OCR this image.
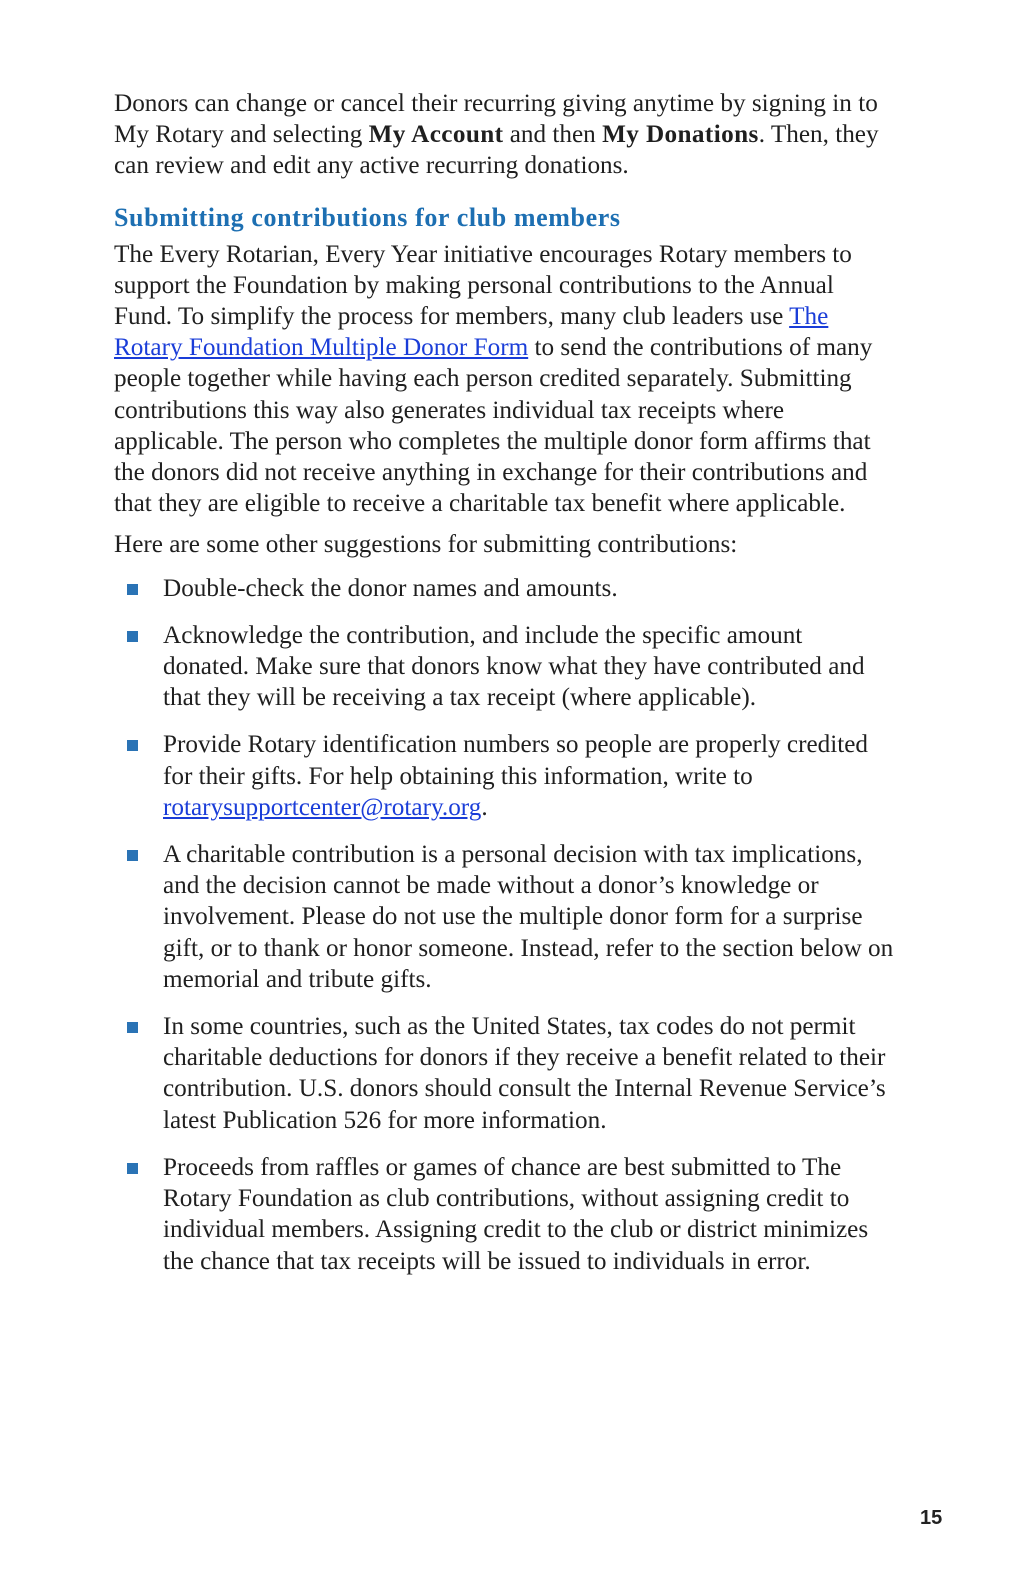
Donors can change or cancel their recurring giving anytime by signing in to My Rotary and selecting My Account and then My Donations. Then, they can review and edit any active recurring donations.

Submitting contributions for club members

The Every Rotarian, Every Year initiative encourages Rotary members to support the Foundation by making personal contributions to the Annual Fund. To simplify the process for members, many club leaders use The Rotary Foundation Multiple Donor Form to send the contributions of many people together while having each person credited separately. Submitting contributions this way also generates individual tax receipts where applicable. The person who completes the multiple donor form affirms that the donors did not receive anything in exchange for their contributions and that they are eligible to receive a charitable tax benefit where applicable.

Here are some other suggestions for submitting contributions:

Double-check the donor names and amounts.

Acknowledge the contribution, and include the specific amount donated. Make sure that donors know what they have contributed and that they will be receiving a tax receipt (where applicable).

Provide Rotary identification numbers so people are properly credited for their gifts. For help obtaining this information, write to rotarysupportcenter@rotary.org.

A charitable contribution is a personal decision with tax implications, and the decision cannot be made without a donor’s knowledge or involvement. Please do not use the multiple donor form for a surprise gift, or to thank or honor someone. Instead, refer to the section below on memorial and tribute gifts.

In some countries, such as the United States, tax codes do not permit charitable deductions for donors if they receive a benefit related to their contribution. U.S. donors should consult the Internal Revenue Service’s latest Publication 526 for more information.

Proceeds from raffles or games of chance are best submitted to The Rotary Foundation as club contributions, without assigning credit to individual members. Assigning credit to the club or district minimizes the chance that tax receipts will be issued to individuals in error.

15
